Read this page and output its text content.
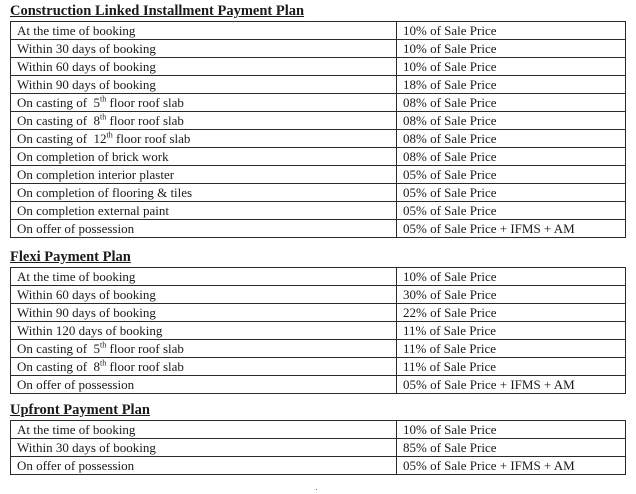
Construction Linked Installment Payment Plan
At the time of booking	10% of Sale Price
Within 30 days of booking	10% of Sale Price
Within 60 days of booking	10% of Sale Price
Within 90 days of booking	18% of Sale Price
On casting of  5th floor roof slab	08% of Sale Price
On casting of  8th floor roof slab	08% of Sale Price
On casting of  12th floor roof slab	08% of Sale Price
On completion of brick work	08% of Sale Price
On completion interior plaster	05% of Sale Price
On completion of flooring & tiles	05% of Sale Price
On completion external paint	05% of Sale Price
On offer of possession	05% of Sale Price + IFMS + AM
Flexi Payment Plan
At the time of booking	10% of Sale Price
Within 60 days of booking	30% of Sale Price
Within 90 days of booking	22% of Sale Price
Within 120 days of booking	11% of Sale Price
On casting of  5th floor roof slab	11% of Sale Price
On casting of  8th floor roof slab	11% of Sale Price
On offer of possession	05% of Sale Price + IFMS + AM
Upfront Payment Plan
At the time of booking	10% of Sale Price
Within 30 days of booking	85% of Sale Price
On offer of possession	05% of Sale Price + IFMS + AM
